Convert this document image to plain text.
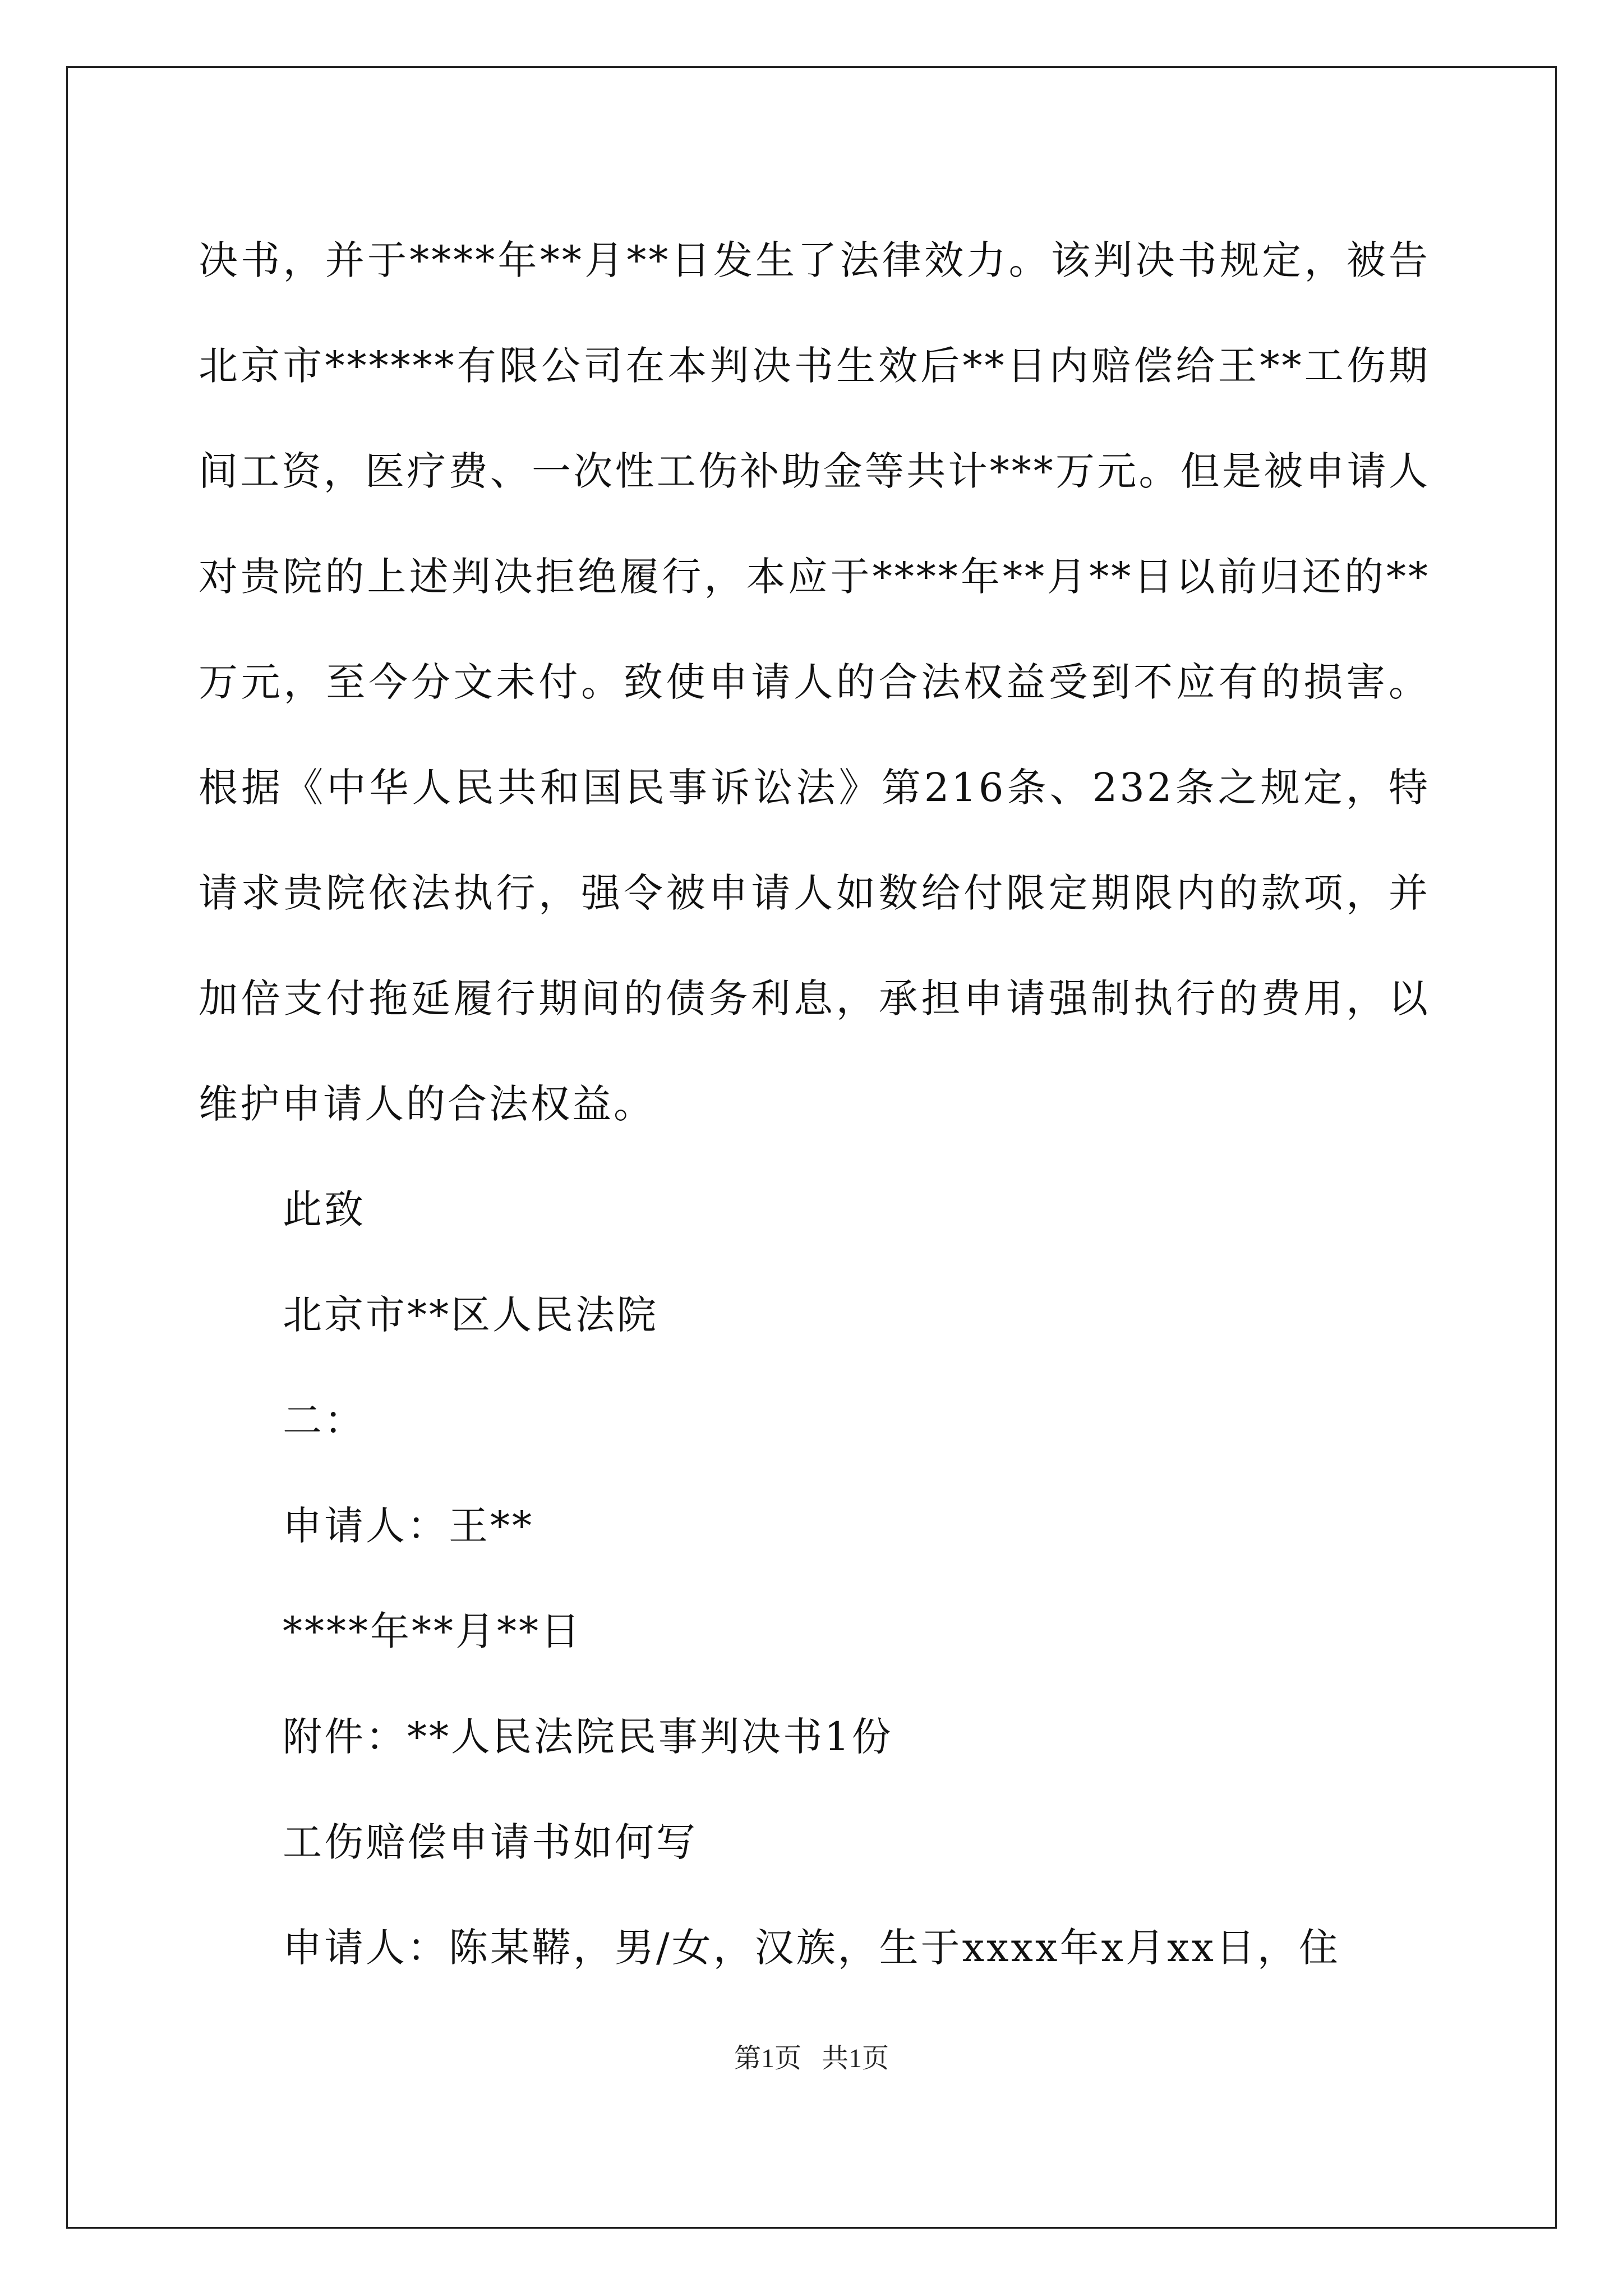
决书，并于****年**月**日发生了法律效力。该判决书规定，被告北京市******有限公司在本判决书生效后**日内赔偿给王**工伤期间工资，医疗费、一次性工伤补助金等共计***万元。但是被申请人对贵院的上述判决拒绝履行，本应于****年**月**日以前归还的**万元，至今分文未付。致使申请人的合法权益受到不应有的损害。根据《中华人民共和国民事诉讼法》第216条、232条之规定，特请求贵院依法执行，强令被申请人如数给付限定期限内的款项，并加倍支付拖延履行期间的债务利息，承担申请强制执行的费用，以维护申请人的合法权益。

此致

北京市**区人民法院

二：

申请人：王**

****年**月**日

附件：**人民法院民事判决书1份

工伤赔偿申请书如何写

申请人：陈某鞯，男/女，汉族，生于xxxx年x月xx日，住

第1页   共1页
